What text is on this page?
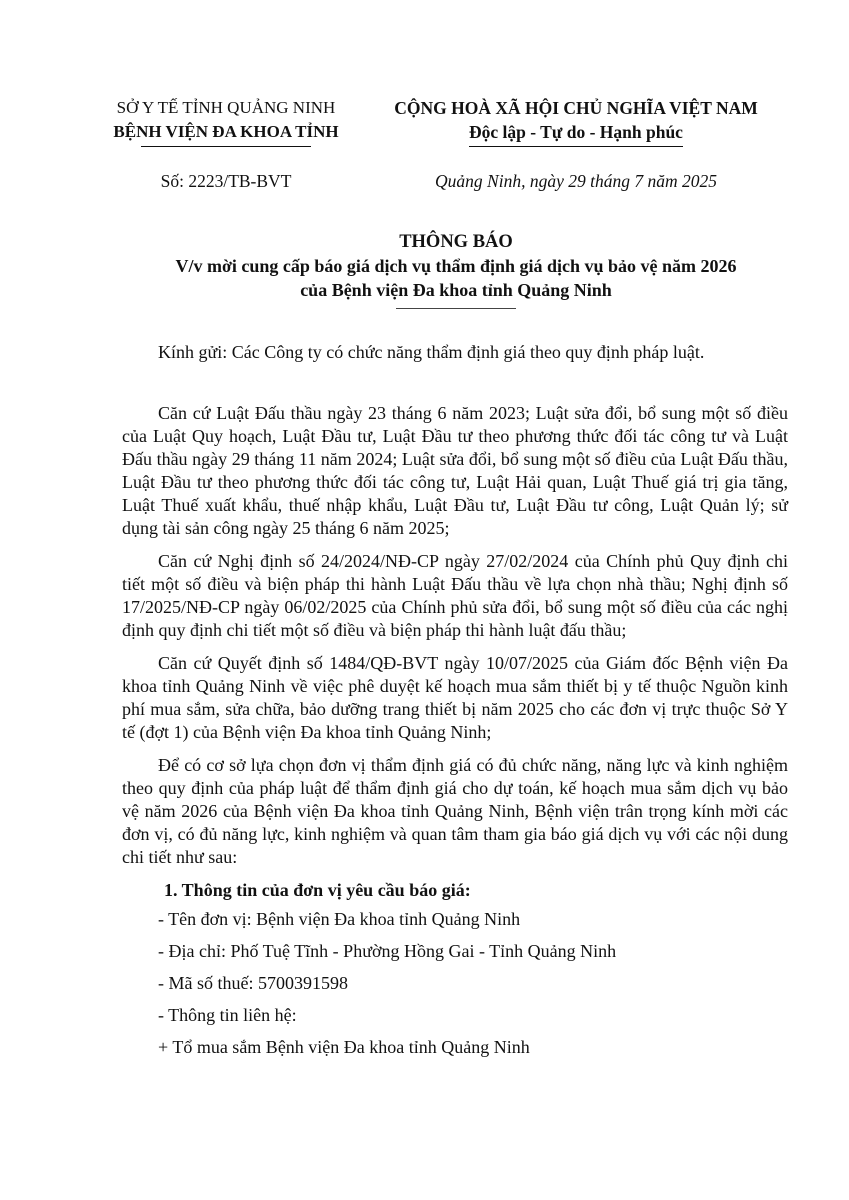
SỞ Y TẾ TỈNH QUẢNG NINH
BỆNH VIỆN ĐA KHOA TỈNH
CỘNG HOÀ XÃ HỘI CHỦ NGHĨA VIỆT NAM
Độc lập - Tự do - Hạnh phúc
Số: 2223/TB-BVT	Quảng Ninh, ngày 29 tháng 7 năm 2025
THÔNG BÁO
V/v mời cung cấp báo giá dịch vụ thẩm định giá dịch vụ bảo vệ năm 2026
của Bệnh viện Đa khoa tỉnh Quảng Ninh
Kính gửi: Các Công ty có chức năng thẩm định giá theo quy định pháp luật.

Căn cứ Luật Đấu thầu ngày 23 tháng 6 năm 2023; Luật sửa đổi, bổ sung một số điều của Luật Quy hoạch, Luật Đầu tư, Luật Đầu tư theo phương thức đối tác công tư và Luật Đấu thầu ngày 29 tháng 11 năm 2024; Luật sửa đổi, bổ sung một số điều của Luật Đấu thầu, Luật Đầu tư theo phương thức đối tác công tư, Luật Hải quan, Luật Thuế giá trị gia tăng, Luật Thuế xuất khẩu, thuế nhập khẩu, Luật Đầu tư, Luật Đầu tư công, Luật Quản lý; sử dụng tài sản công ngày 25 tháng 6 năm 2025;

Căn cứ Nghị định số 24/2024/NĐ-CP ngày 27/02/2024 của Chính phủ Quy định chi tiết một số điều và biện pháp thi hành Luật Đấu thầu về lựa chọn nhà thầu; Nghị định số 17/2025/NĐ-CP ngày 06/02/2025 của Chính phủ sửa đổi, bổ sung một số điều của các nghị định quy định chi tiết một số điều và biện pháp thi hành luật đấu thầu;

Căn cứ Quyết định số 1484/QĐ-BVT ngày 10/07/2025 của Giám đốc Bệnh viện Đa khoa tỉnh Quảng Ninh về việc phê duyệt kế hoạch mua sắm thiết bị y tế thuộc Nguồn kinh phí mua sắm, sửa chữa, bảo dưỡng trang thiết bị năm 2025 cho các đơn vị trực thuộc Sở Y tế (đợt 1) của Bệnh viện Đa khoa tỉnh Quảng Ninh;

Để có cơ sở lựa chọn đơn vị thẩm định giá có đủ chức năng, năng lực và kinh nghiệm theo quy định của pháp luật để thẩm định giá cho dự toán, kế hoạch mua sắm dịch vụ bảo vệ năm 2026 của Bệnh viện Đa khoa tỉnh Quảng Ninh, Bệnh viện trân trọng kính mời các đơn vị, có đủ năng lực, kinh nghiệm và quan tâm tham gia báo giá dịch vụ với các nội dung chi tiết như sau:

1. Thông tin của đơn vị yêu cầu báo giá:
- Tên đơn vị: Bệnh viện Đa khoa tỉnh Quảng Ninh
- Địa chỉ: Phố Tuệ Tĩnh - Phường Hồng Gai - Tỉnh Quảng Ninh
- Mã số thuế: 5700391598
- Thông tin liên hệ:
+ Tổ mua sắm Bệnh viện Đa khoa tỉnh Quảng Ninh
